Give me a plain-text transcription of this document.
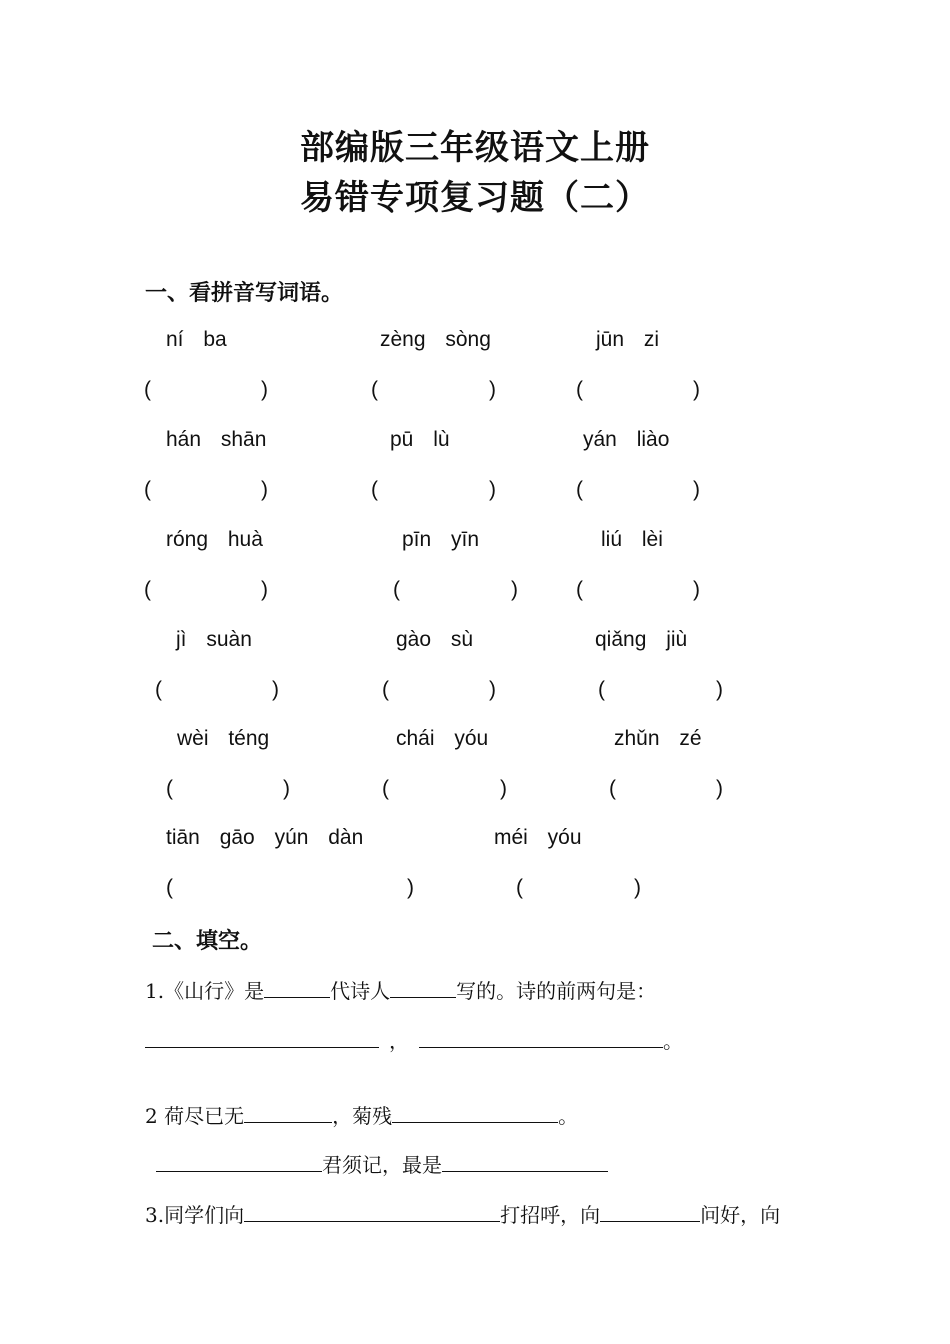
部编版三年级语文上册
易错专项复习题（二）
一、看拼音写词语。
ní ba	zèng sòng	jūn zi
(	)	(	)	(	)
hán shān	pū lù	yán liào
(	)	(	)	(	)
róng huà	pīn yīn	liú lèi
(	)	(	)	(	)
jì suàn	gào sù	qiǎng jiù
(	)	(	)	(	)
wèi téng	chái yóu	zhǔn zé
(	)	(	)	(	)
tiān gāo yún dàn	méi yóu
(	)	(	)
二、填空。
1.《山行》是	代诗人	写的。诗的前两句是：
，	。
2 荷尽已无	，菊残	。
君须记，最是
3.同学们向	打招呼，向	问好，向
